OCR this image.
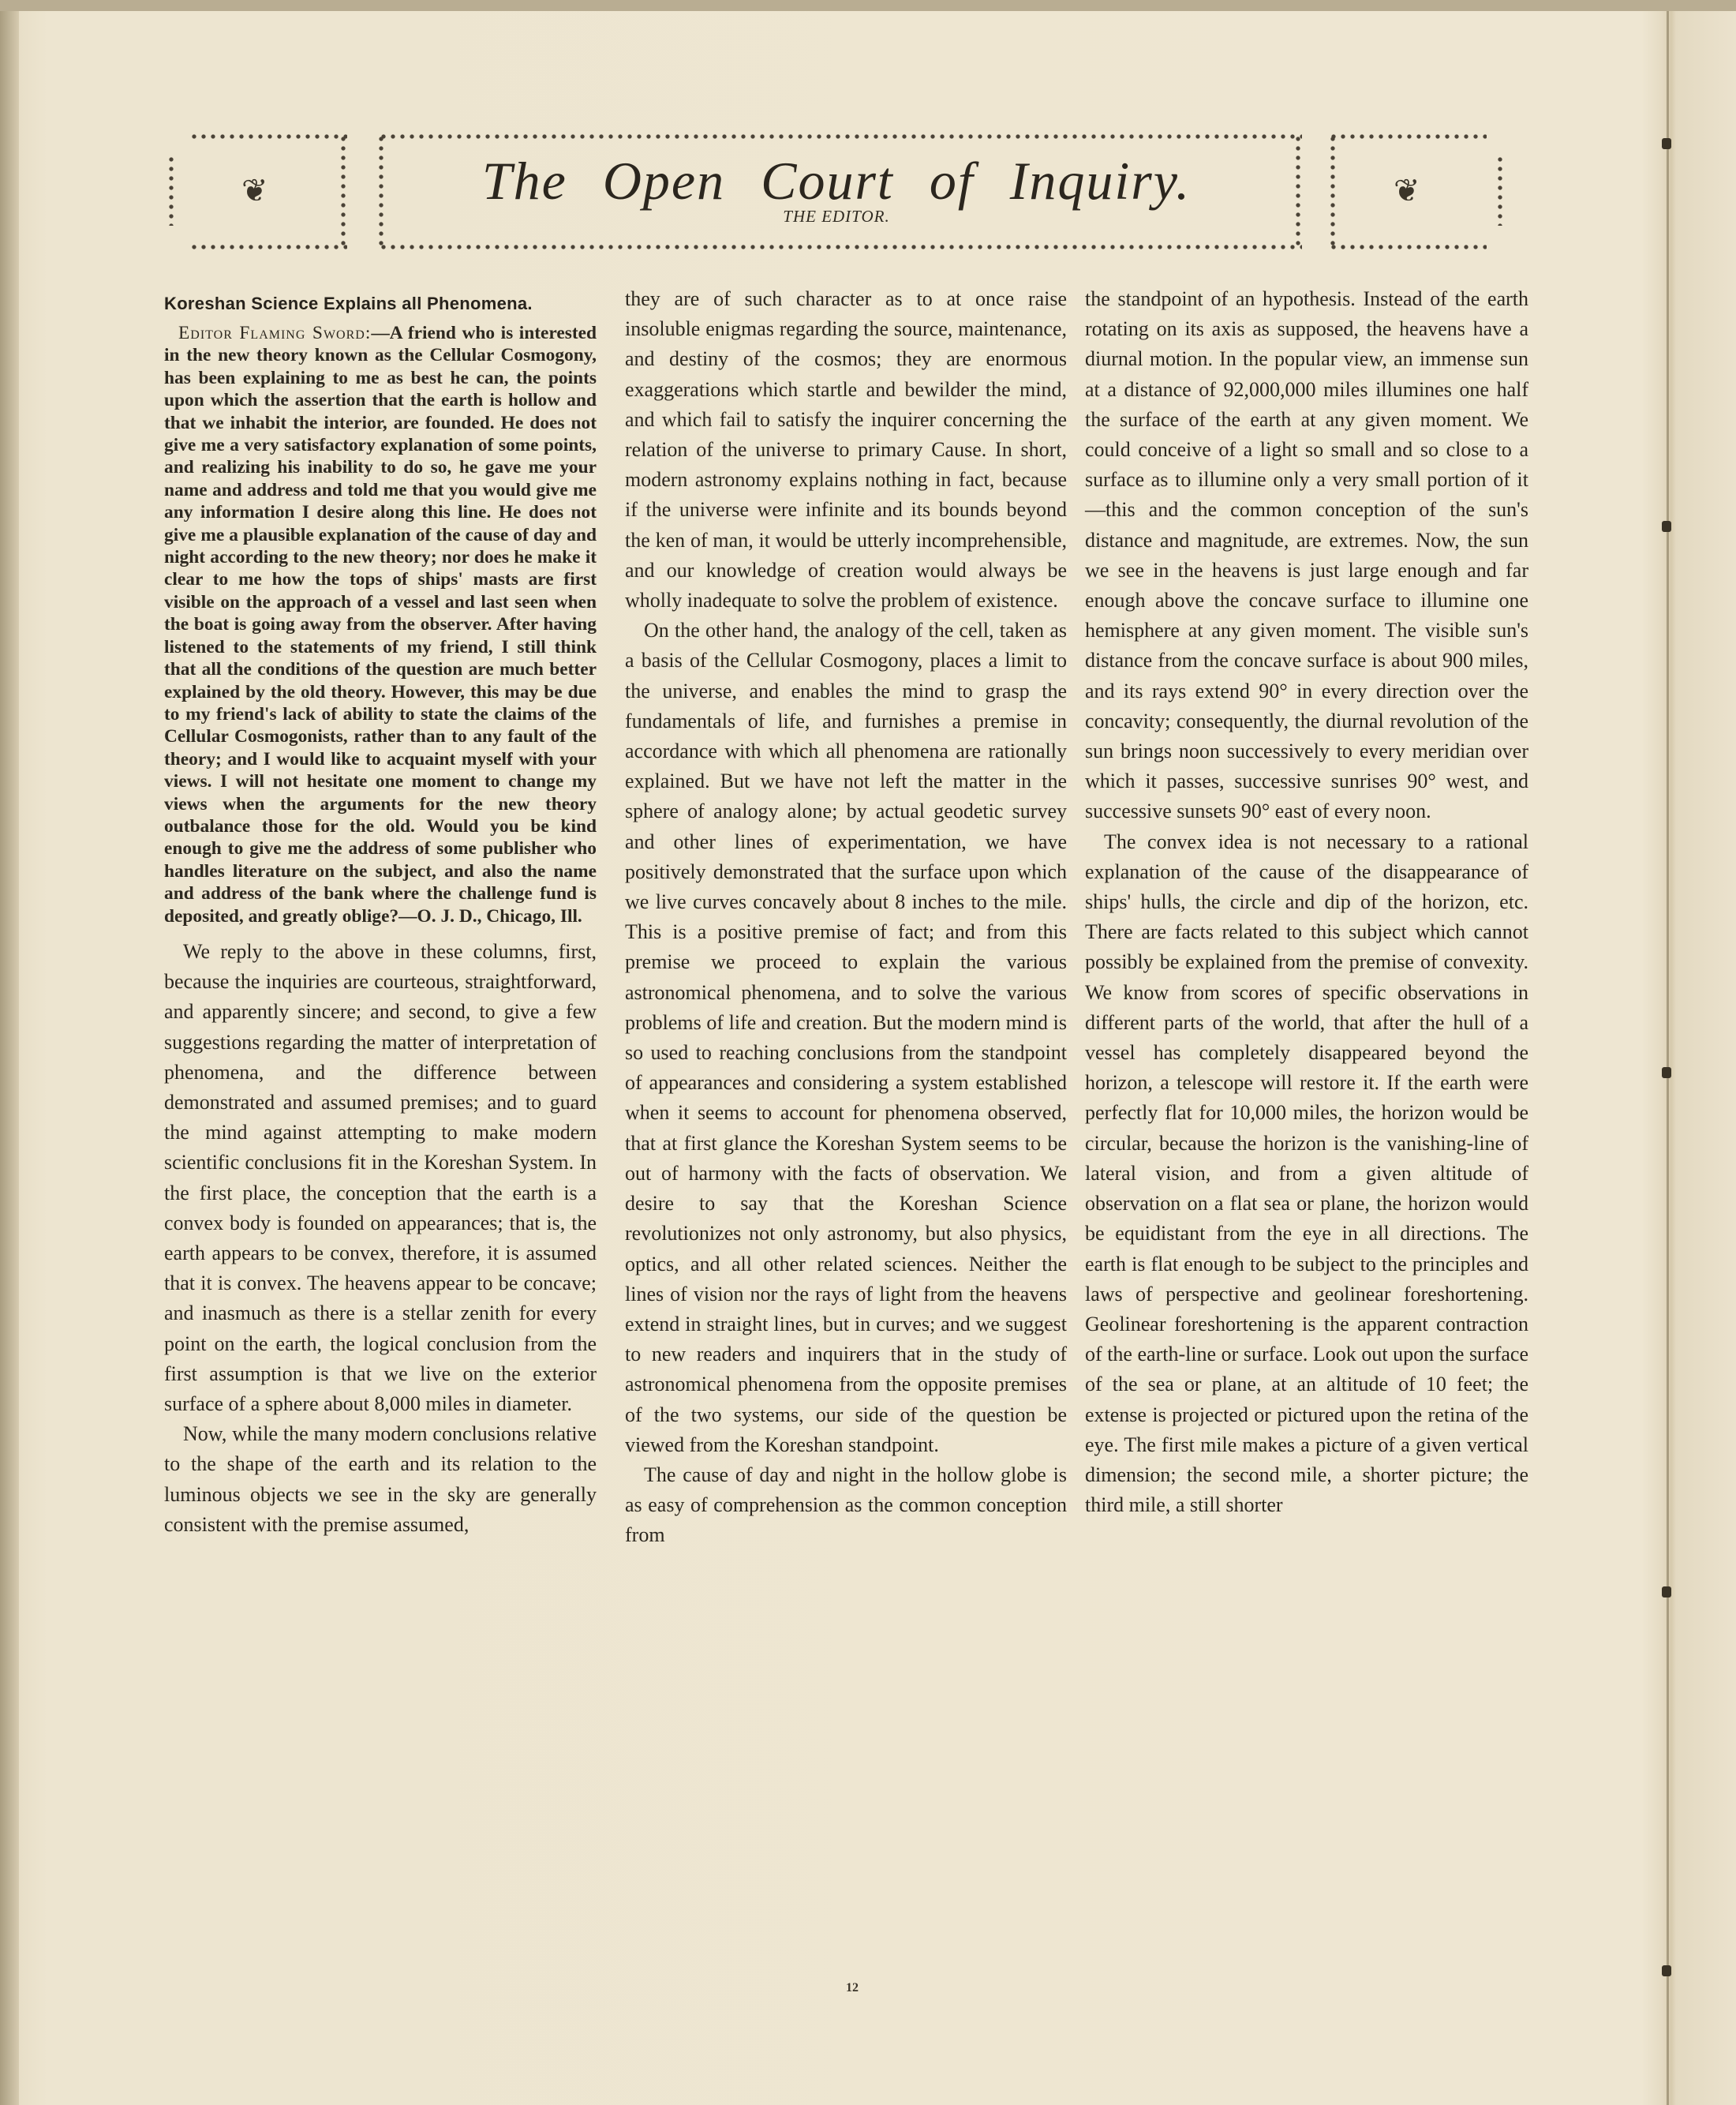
❦	❦
The Open Court of Inquiry.
THE EDITOR.
Koreshan Science Explains all Phenomena.

Editor Flaming Sword:—A friend who is interested in the new theory known as the Cellular Cosmogony, has been explaining to me as best he can, the points upon which the assertion that the earth is hollow and that we inhabit the interior, are founded. He does not give me a very satisfactory explanation of some points, and realizing his inability to do so, he gave me your name and address and told me that you would give me any information I desire along this line. He does not give me a plausible explanation of the cause of day and night according to the new theory; nor does he make it clear to me how the tops of ships' masts are first visible on the approach of a vessel and last seen when the boat is going away from the observer. After having listened to the statements of my friend, I still think that all the conditions of the question are much better explained by the old theory. However, this may be due to my friend's lack of ability to state the claims of the Cellular Cosmogonists, rather than to any fault of the theory; and I would like to acquaint myself with your views. I will not hesitate one moment to change my views when the arguments for the new theory outbalance those for the old. Would you be kind enough to give me the address of some publisher who handles literature on the subject, and also the name and address of the bank where the challenge fund is deposited, and greatly oblige?—O. J. D., Chicago, Ill.

We reply to the above in these columns, first, because the inquiries are courteous, straightforward, and apparently sincere; and second, to give a few suggestions regarding the matter of interpretation of phenomena, and the difference between demonstrated and assumed premises; and to guard the mind against attempting to make modern scientific conclusions fit in the Koreshan System. In the first place, the conception that the earth is a convex body is founded on appearances; that is, the earth appears to be convex, therefore, it is assumed that it is convex. The heavens appear to be concave; and inasmuch as there is a stellar zenith for every point on the earth, the logical conclusion from the first assumption is that we live on the exterior surface of a sphere about 8,000 miles in diameter.

Now, while the many modern conclusions relative to the shape of the earth and its relation to the luminous objects we see in the sky are generally consistent with the premise assumed,

they are of such character as to at once raise insoluble enigmas regarding the source, maintenance, and destiny of the cosmos; they are enormous exaggerations which startle and bewilder the mind, and which fail to satisfy the inquirer concerning the relation of the universe to primary Cause. In short, modern astronomy explains nothing in fact, because if the universe were infinite and its bounds beyond the ken of man, it would be utterly incomprehensible, and our knowledge of creation would always be wholly inadequate to solve the problem of existence.

On the other hand, the analogy of the cell, taken as a basis of the Cellular Cosmogony, places a limit to the universe, and enables the mind to grasp the fundamentals of life, and furnishes a premise in accordance with which all phenomena are rationally explained. But we have not left the matter in the sphere of analogy alone; by actual geodetic survey and other lines of experimentation, we have positively demonstrated that the surface upon which we live curves concavely about 8 inches to the mile. This is a positive premise of fact; and from this premise we proceed to explain the various astronomical phenomena, and to solve the various problems of life and creation. But the modern mind is so used to reaching conclusions from the standpoint of appearances and considering a system established when it seems to account for phenomena observed, that at first glance the Koreshan System seems to be out of harmony with the facts of observation. We desire to say that the Koreshan Science revolutionizes not only astronomy, but also physics, optics, and all other related sciences. Neither the lines of vision nor the rays of light from the heavens extend in straight lines, but in curves; and we suggest to new readers and inquirers that in the study of astronomical phenomena from the opposite premises of the two systems, our side of the question be viewed from the Koreshan standpoint.

The cause of day and night in the hollow globe is as easy of comprehension as the common conception from

the standpoint of an hypothesis. Instead of the earth rotating on its axis as supposed, the heavens have a diurnal motion. In the popular view, an immense sun at a distance of 92,000,000 miles illumines one half the surface of the earth at any given moment. We could conceive of a light so small and so close to a surface as to illumine only a very small portion of it—this and the common conception of the sun's distance and magnitude, are extremes. Now, the sun we see in the heavens is just large enough and far enough above the concave surface to illumine one hemisphere at any given moment. The visible sun's distance from the concave surface is about 900 miles, and its rays extend 90° in every direction over the concavity; consequently, the diurnal revolution of the sun brings noon successively to every meridian over which it passes, successive sunrises 90° west, and successive sunsets 90° east of every noon.

The convex idea is not necessary to a rational explanation of the cause of the disappearance of ships' hulls, the circle and dip of the horizon, etc. There are facts related to this subject which cannot possibly be explained from the premise of convexity. We know from scores of specific observations in different parts of the world, that after the hull of a vessel has completely disappeared beyond the horizon, a telescope will restore it. If the earth were perfectly flat for 10,000 miles, the horizon would be circular, because the horizon is the vanishing-line of lateral vision, and from a given altitude of observation on a flat sea or plane, the horizon would be equidistant from the eye in all directions. The earth is flat enough to be subject to the principles and laws of perspective and geolinear foreshortening. Geolinear foreshortening is the apparent contraction of the earth-line or surface. Look out upon the surface of the sea or plane, at an altitude of 10 feet; the extense is projected or pictured upon the retina of the eye. The first mile makes a picture of a given vertical dimension; the second mile, a shorter picture; the third mile, a still shorter

12
